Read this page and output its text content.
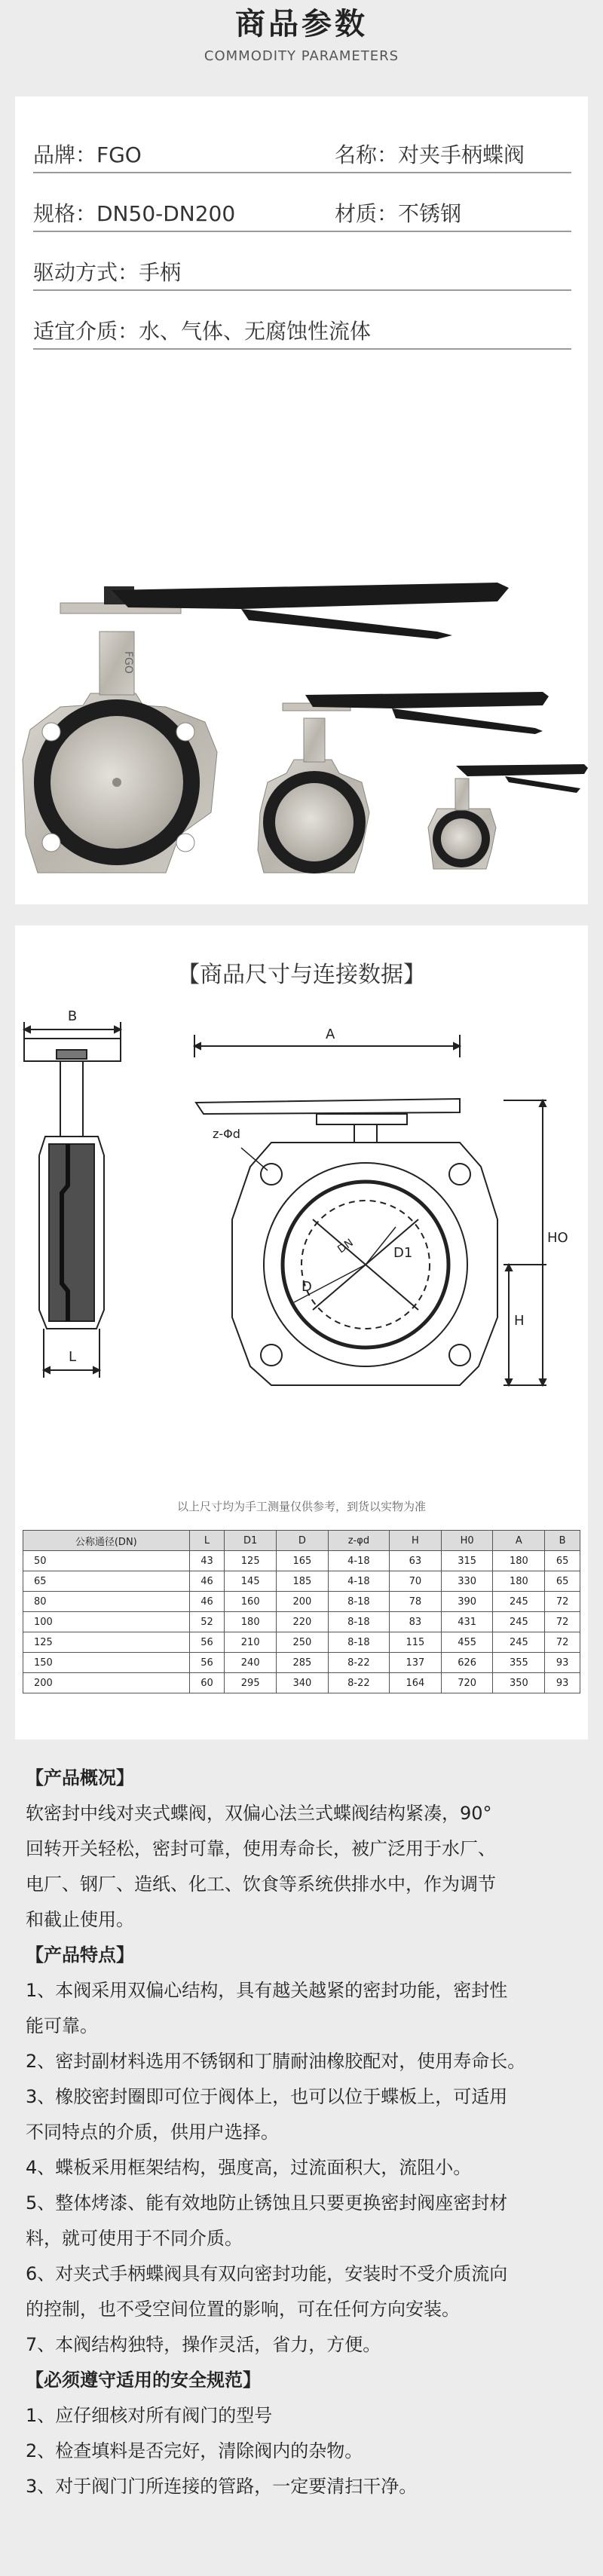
商品参数
COMMODITY PARAMETERS
品牌：FGO	名称：对夹手柄蝶阀
规格：DN50-DN200	材质：不锈钢
驱动方式：手柄
适宜介质：水、气体、无腐蚀性流体
FGO
【商品尺寸与连接数据】
B
L
A
z-Φd
DN	D1
D
HO
H
以上尺寸均为手工测量仅供参考，到货以实物为准
公称通径(DN)	L	D1	D	z-φd	H	H0	A	B
50	43	125	165	4-18	63	315	180	65
65	46	145	185	4-18	70	330	180	65
80	46	160	200	8-18	78	390	245	72
100	52	180	220	8-18	83	431	245	72
125	56	210	250	8-18	115	455	245	72
150	56	240	285	8-22	137	626	355	93
200	60	295	340	8-22	164	720	350	93

【产品概况】

软密封中线对夹式蝶阀，双偏心法兰式蝶阀结构紧凑，90°

回转开关轻松，密封可靠，使用寿命长，被广泛用于水厂、

电厂、钢厂、造纸、化工、饮食等系统供排水中，作为调节

和截止使用。

【产品特点】

1、本阀采用双偏心结构，具有越关越紧的密封功能，密封性

能可靠。

2、密封副材料选用不锈钢和丁腈耐油橡胶配对，使用寿命长。

3、橡胶密封圈即可位于阀体上，也可以位于蝶板上，可适用

不同特点的介质，供用户选择。

4、蝶板采用框架结构，强度高，过流面积大，流阻小。

5、整体烤漆、能有效地防止锈蚀且只要更换密封阀座密封材

料，就可使用于不同介质。

6、对夹式手柄蝶阀具有双向密封功能，安装时不受介质流向

的控制，也不受空间位置的影响，可在任何方向安装。

7、本阀结构独特，操作灵活，省力，方便。

【必须遵守适用的安全规范】

1、应仔细核对所有阀门的型号

2、检查填料是否完好，清除阀内的杂物。

3、对于阀门门所连接的管路，一定要清扫干净。
